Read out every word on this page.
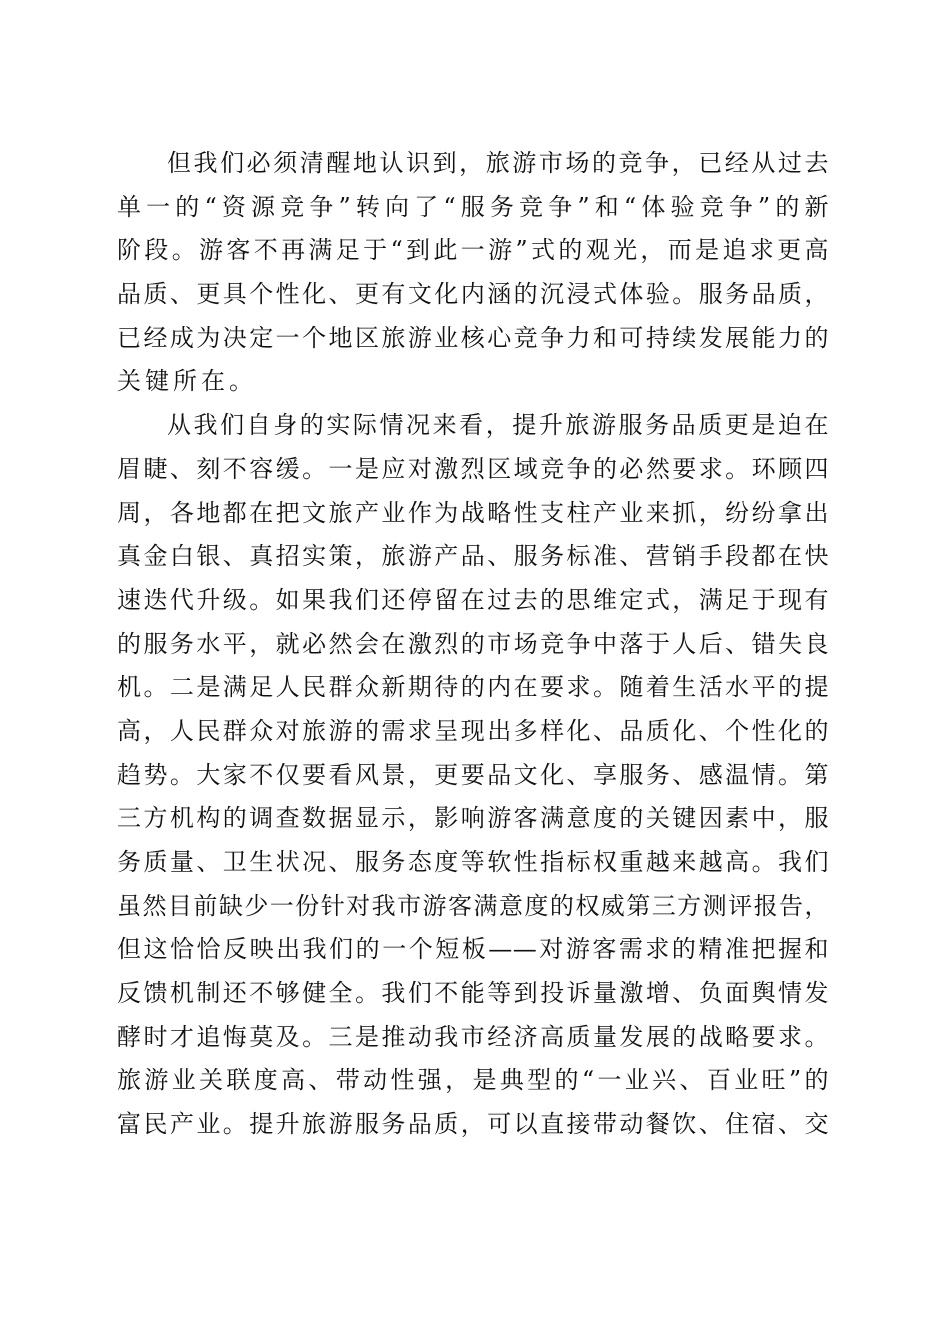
但我们必须清醒地认识到，旅游市场的竞争，已经从过去
单一的“资源竞争”转向了“服务竞争”和“体验竞争”的新
阶段。游客不再满足于“到此一游”式的观光，而是追求更高
品质、更具个性化、更有文化内涵的沉浸式体验。服务品质，
已经成为决定一个地区旅游业核心竞争力和可持续发展能力的
关键所在。
从我们自身的实际情况来看，提升旅游服务品质更是迫在
眉睫、刻不容缓。一是应对激烈区域竞争的必然要求。环顾四
周，各地都在把文旅产业作为战略性支柱产业来抓，纷纷拿出
真金白银、真招实策，旅游产品、服务标准、营销手段都在快
速迭代升级。如果我们还停留在过去的思维定式，满足于现有
的服务水平，就必然会在激烈的市场竞争中落于人后、错失良
机。二是满足人民群众新期待的内在要求。随着生活水平的提
高，人民群众对旅游的需求呈现出多样化、品质化、个性化的
趋势。大家不仅要看风景，更要品文化、享服务、感温情。第
三方机构的调查数据显示，影响游客满意度的关键因素中，服
务质量、卫生状况、服务态度等软性指标权重越来越高。我们
虽然目前缺少一份针对我市游客满意度的权威第三方测评报告，
但这恰恰反映出我们的一个短板——对游客需求的精准把握和
反馈机制还不够健全。我们不能等到投诉量激增、负面舆情发
酵时才追悔莫及。三是推动我市经济高质量发展的战略要求。
旅游业关联度高、带动性强，是典型的“一业兴、百业旺”的
富民产业。提升旅游服务品质，可以直接带动餐饮、住宿、交
